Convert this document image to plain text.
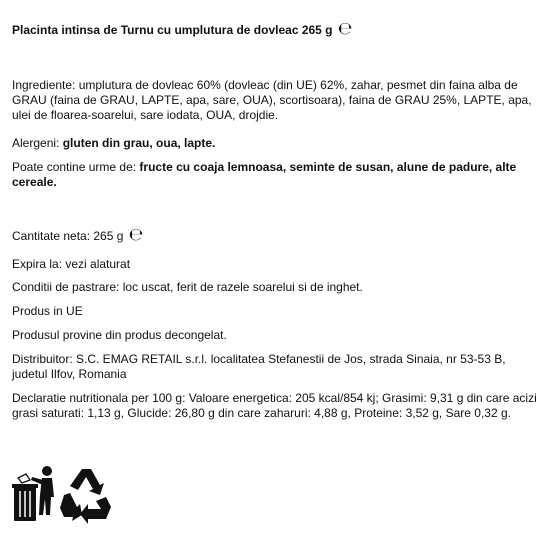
Placinta intinsa de Turnu cu umplutura de dovleac 265 g ℮

Ingrediente: umplutura de dovleac 60% (dovleac (din UE) 62%, zahar, pesmet din faina alba de GRAU (faina de GRAU, LAPTE, apa, sare, OUA), scortisoara), faina de GRAU 25%, LAPTE, apa, ulei de floarea-soarelui, sare iodata, OUA, drojdie.

Alergeni: gluten din grau, oua, lapte.

Poate contine urme de: fructe cu coaja lemnoasa, seminte de susan, alune de padure, alte cereale.

Cantitate neta: 265 g ℮

Expira la: vezi alaturat

Conditii de pastrare: loc uscat, ferit de razele soarelui si de inghet.

Produs in UE

Produsul provine din produs decongelat.

Distribuitor: S.C. EMAG RETAIL s.r.l. localitatea Stefanestii de Jos, strada Sinaia, nr 53-53 B, judetul Ilfov, Romania

Declaratie nutritionala per 100 g: Valoare energetica: 205 kcal/854 kj; Grasimi: 9,31 g din care acizi grasi saturati: 1,13 g, Glucide: 26,80 g din care zaharuri: 4,88 g, Proteine: 3,52 g, Sare 0,32 g.
